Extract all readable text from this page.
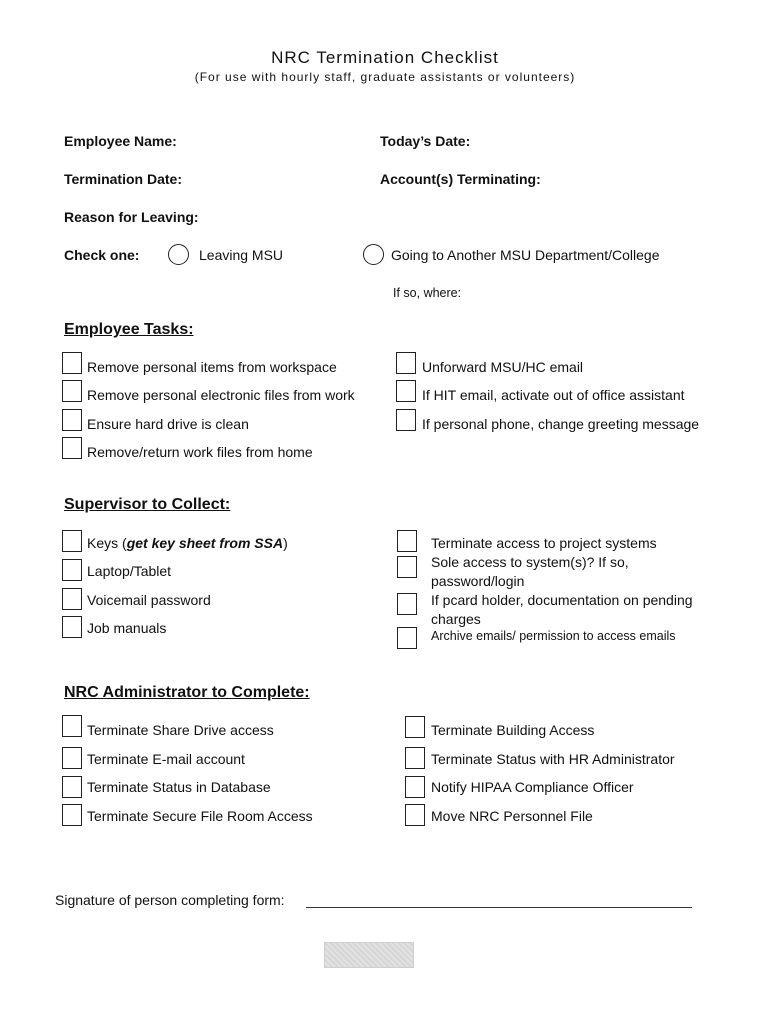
NRC Termination Checklist
(For use with hourly staff, graduate assistants or volunteers)
Employee Name:	Today’s Date:
Termination Date:	Account(s) Terminating:
Reason for Leaving:
Check one:	Leaving MSU	Going to Another MSU Department/College
If so, where:
Employee Tasks:
Remove personal items from workspace
Remove personal electronic files from work
Ensure hard drive is clean
Remove/return work files from home
Unforward MSU/HC email
If HIT email, activate out of office assistant
If personal phone, change greeting message
Supervisor to Collect:
Keys (get key sheet from SSA)
Laptop/Tablet
Voicemail password
Job manuals
Terminate access to project systems
Sole access to system(s)? If so,
password/login
If pcard holder, documentation on pending
charges
Archive emails/ permission to access emails
NRC Administrator to Complete:
Terminate Share Drive access
Terminate E-mail account
Terminate Status in Database
Terminate Secure File Room Access
Terminate Building Access
Terminate Status with HR Administrator
Notify HIPAA Compliance Officer
Move NRC Personnel File
Signature of person completing form:
